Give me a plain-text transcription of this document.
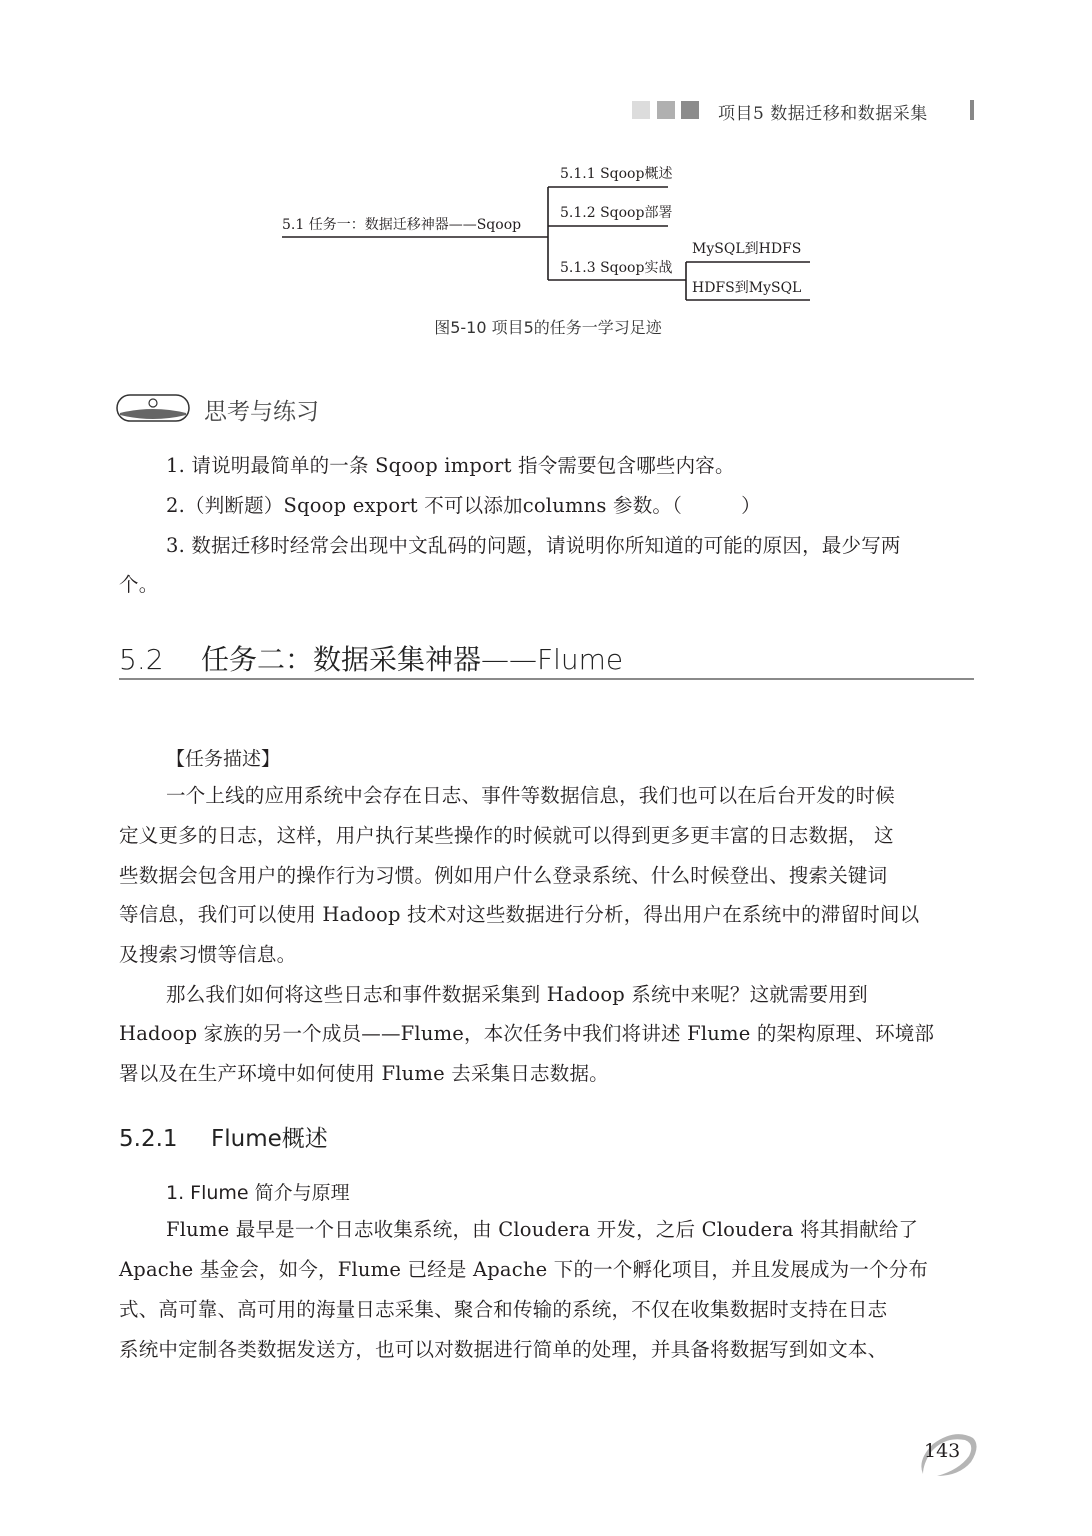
项目5 数据迁移和数据采集
5.1 任务一：数据迁移神器——Sqoop
5.1.1 Sqoop概述
5.1.2 Sqoop部署
5.1.3 Sqoop实战
MySQL到HDFS
HDFS到MySQL
图5-10 项目5的任务一学习足迹
思考与练习
1. 请说明最简单的一条 Sqoop import 指令需要包含哪些内容。
2.（判断题）Sqoop export 不可以添加columns 参数。（　　　）
3. 数据迁移时经常会出现中文乱码的问题，请说明你所知道的可能的原因，最少写两
个。
5.2 任务二：数据采集神器——Flume
【任务描述】
一个上线的应用系统中会存在日志、事件等数据信息，我们也可以在后台开发的时候
定义更多的日志，这样，用户执行某些操作的时候就可以得到更多更丰富的日志数据， 这
些数据会包含用户的操作行为习惯。例如用户什么登录系统、什么时候登出、搜索关键词
等信息，我们可以使用 Hadoop 技术对这些数据进行分析，得出用户在系统中的滞留时间以
及搜索习惯等信息。
那么我们如何将这些日志和事件数据采集到 Hadoop 系统中来呢？这就需要用到
Hadoop 家族的另一个成员——Flume，本次任务中我们将讲述 Flume 的架构原理、环境部
署以及在生产环境中如何使用 Flume 去采集日志数据。
5.2.1 Flume概述
1. Flume 简介与原理
Flume 最早是一个日志收集系统，由 Cloudera 开发，之后 Cloudera 将其捐献给了
Apache 基金会，如今，Flume 已经是 Apache 下的一个孵化项目，并且发展成为一个分布
式、高可靠、高可用的海量日志采集、聚合和传输的系统，不仅在收集数据时支持在日志
系统中定制各类数据发送方，也可以对数据进行简单的处理，并具备将数据写到如文本、
143
